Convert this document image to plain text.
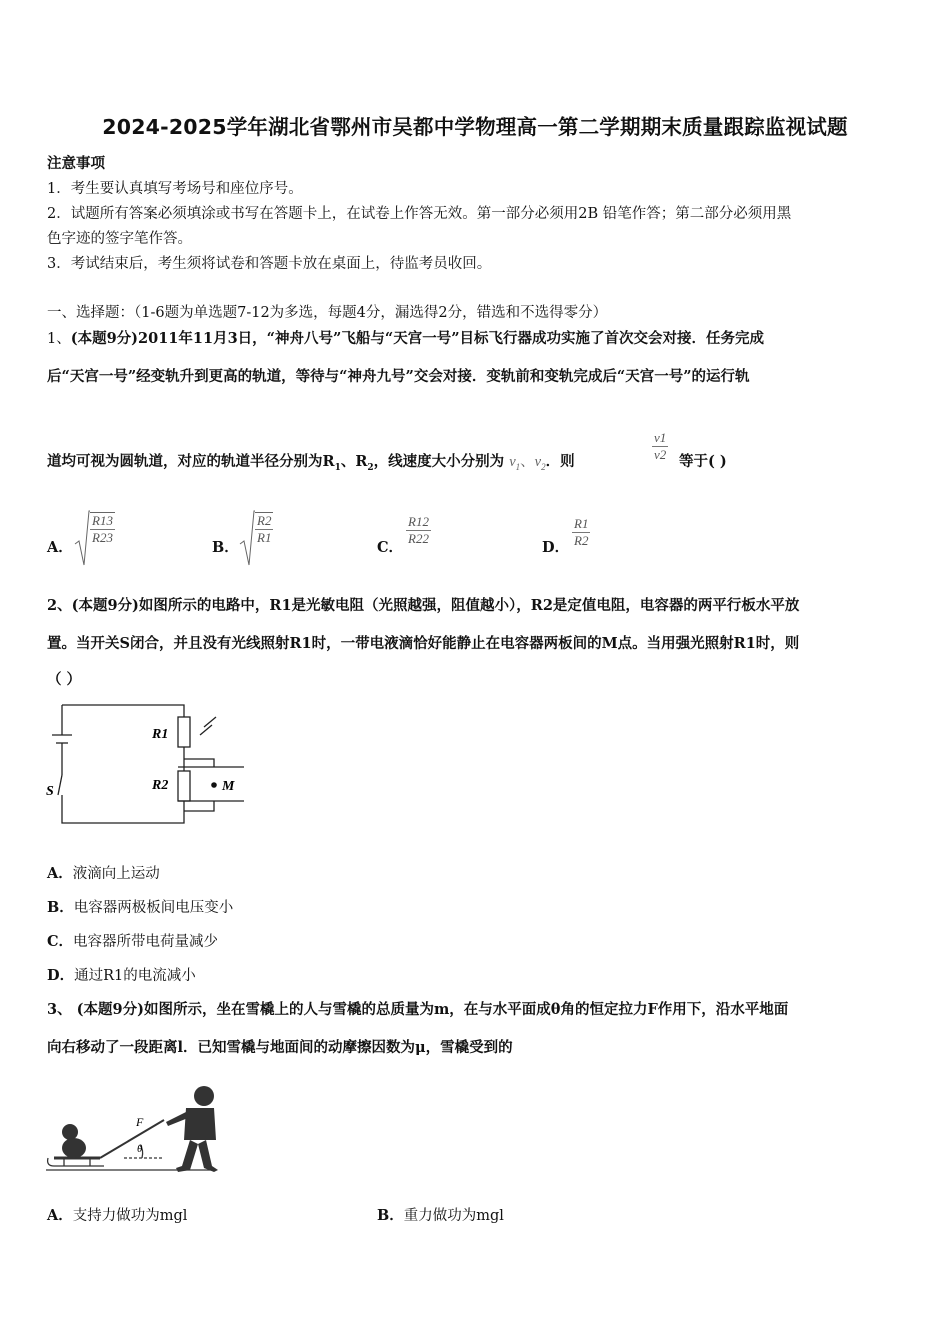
2024-2025学年湖北省鄂州市吴都中学物理高一第二学期期末质量跟踪监视试题
注意事项
1．考生要认真填写考场号和座位序号。
2．试题所有答案必须填涂或书写在答题卡上，在试卷上作答无效。第一部分必须用2B 铅笔作答；第二部分必须用黑
色字迹的签字笔作答。
3．考试结束后，考生须将试卷和答题卡放在桌面上，待监考员收回。
一、选择题：（1-6题为单选题7-12为多选，每题4分，漏选得2分，错选和不选得零分）
1、(本题9分)2011年11月3日，“神舟八号”飞船与“天宫一号”目标飞行器成功实施了首次交会对接．任务完成
后“天宫一号”经变轨升到更高的轨道，等待与“神舟九号”交会对接．变轨前和变轨完成后“天宫一号”的运行轨
道均可视为圆轨道，对应的轨道半径分别为$R_1$、$R_2$，线速度大小分别为 $v_1$、$v_2$．则	$\frac{v1}{v2}$ 等于( )
A．
$\frac{R13}{R23}$
B．
$\frac{R2}{R1}$
C．
$\frac{R12}{R22}$
D． $\frac{R1}{R2}$
2、(本题9分)如图所示的电路中，R1是光敏电阻（光照越强，阻值越小），R2是定值电阻，电容器的两平行板水平放
置。当开关S闭合，并且没有光线照射R1时，一带电液滴恰好能静止在电容器两板间的M点。当用强光照射R1时，则
（ ）
R1
R2
S	M
A．液滴向上运动
B．电容器两极板间电压变小
C．电容器所带电荷量减少
D．通过R1的电流减小
3、 (本题9分)如图所示，坐在雪橇上的人与雪橇的总质量为m，在与水平面成θ角的恒定拉力F作用下，沿水平地面
向右移动了一段距离l．已知雪橇与地面间的动摩擦因数为μ，雪橇受到的
F
θ
A．支持力做功为mgl	B．重力做功为mgl
